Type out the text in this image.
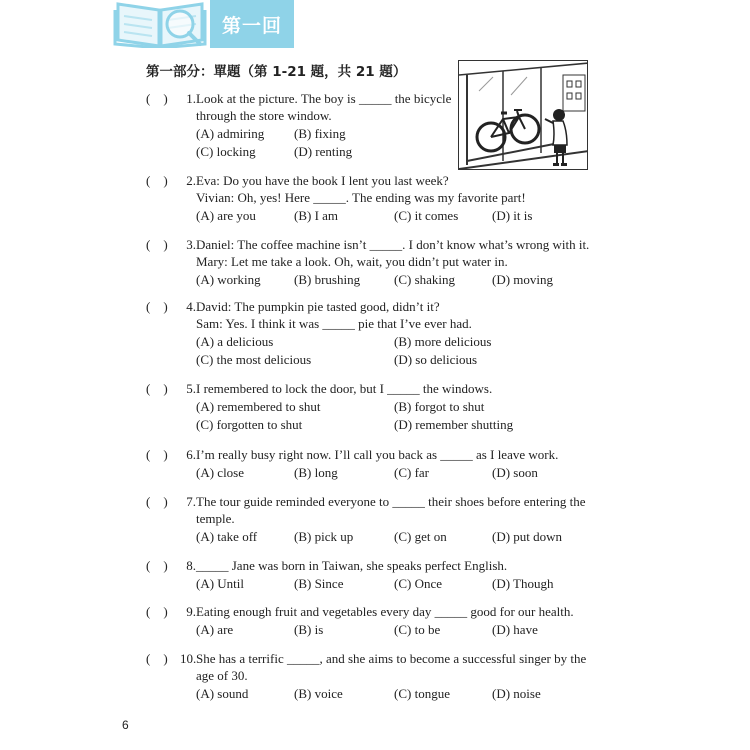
第一回
第一部分：單題（第 1-21 題，共 21 題）
(    )	1. Look at the picture. The boy is _____ the bicycle
through the store window.
(A) admiring (B) fixing
(C) locking	(D) renting
(    )	2. Eva: Do you have the book I lent you last week?
Vivian: Oh, yes! Here _____. The ending was my favorite part!
(A) are you	(B) I am	(C) it comes	(D) it is
(    )	3. Daniel: The coffee machine isn’t _____. I don’t know what’s wrong with it.
Mary: Let me take a look. Oh, wait, you didn’t put water in.
(A) working	(B) brushing	(C) shaking	(D) moving
(    )	4. David: The pumpkin pie tasted good, didn’t it?
Sam: Yes. I think it was _____ pie that I’ve ever had.
(A) a delicious	(B) more delicious
(C) the most delicious	(D) so delicious
(    )	5. I remembered to lock the door, but I _____ the windows.
(A) remembered to shut	(B) forgot to shut
(C) forgotten to shut	(D) remember shutting
(    )	6. I’m really busy right now. I’ll call you back as _____ as I leave work.
(A) close	(B) long	(C) far	(D) soon
(    )	7. The tour guide reminded everyone to _____ their shoes before entering the
temple.
(A) take off	(B) pick up	(C) get on	(D) put down
(    )	8. _____ Jane was born in Taiwan, she speaks perfect English.
(A) Until	(B) Since	(C) Once	(D) Though
(    )	9. Eating enough fruit and vegetables every day _____ good for our health.
(A) are	(B) is	(C) to be	(D) have
(    ) 10. She has a terrific _____, and she aims to become a successful singer by the
age of 30.
(A) sound	(B) voice	(C) tongue	(D) noise
6
